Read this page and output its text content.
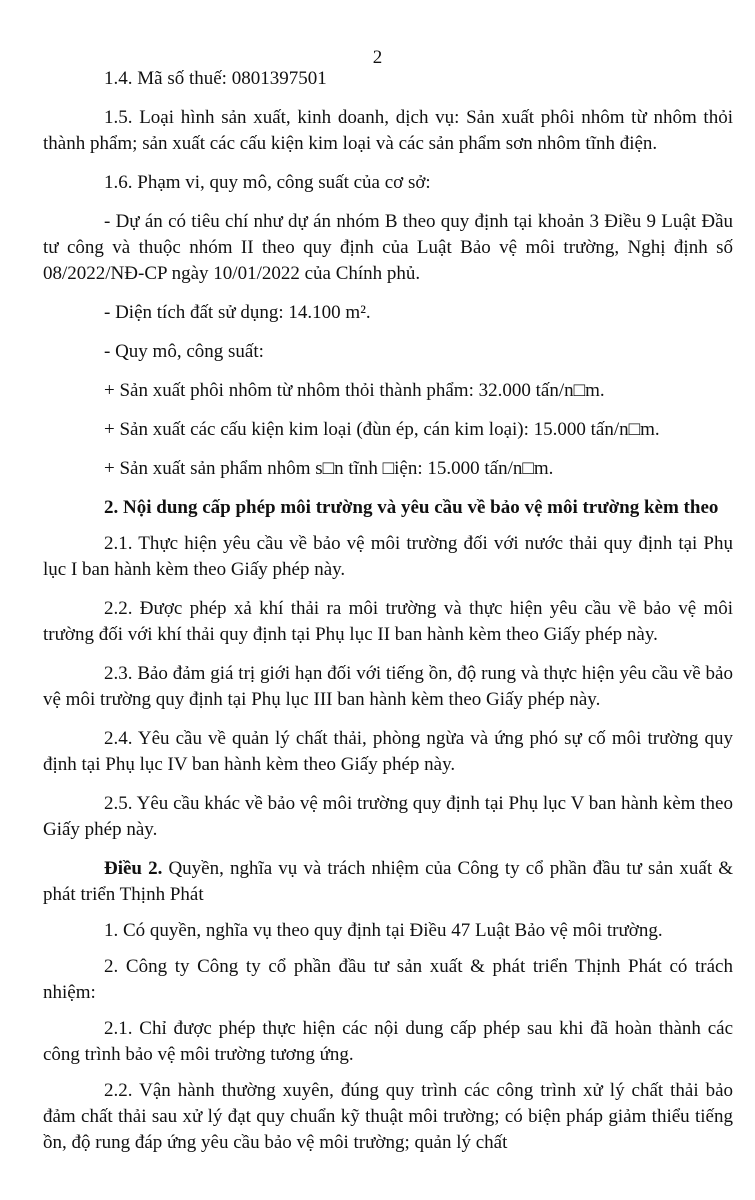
2

1.4. Mã số thuế: 0801397501

1.5. Loại hình sản xuất, kinh doanh, dịch vụ: Sản xuất phôi nhôm từ nhôm thỏi thành phẩm; sản xuất các cấu kiện kim loại và các sản phẩm sơn nhôm tĩnh điện.

1.6. Phạm vi, quy mô, công suất của cơ sở:

- Dự án có tiêu chí như dự án nhóm B theo quy định tại khoản 3 Điều 9 Luật Đầu tư công và thuộc nhóm II theo quy định của Luật Bảo vệ môi trường, Nghị định số 08/2022/NĐ-CP ngày 10/01/2022 của Chính phủ.

- Diện tích đất sử dụng: 14.100 m².

- Quy mô, công suất:

+ Sản xuất phôi nhôm từ nhôm thỏi thành phẩm: 32.000 tấn/n□m.

+ Sản xuất các cấu kiện kim loại (đùn ép, cán kim loại): 15.000 tấn/n□m.

+ Sản xuất sản phẩm nhôm s□n tĩnh □iện: 15.000 tấn/n□m.

2. Nội dung cấp phép môi trường và yêu cầu về bảo vệ môi trường kèm theo

2.1. Thực hiện yêu cầu về bảo vệ môi trường đối với nước thải quy định tại Phụ lục I ban hành kèm theo Giấy phép này.

2.2. Được phép xả khí thải ra môi trường và thực hiện yêu cầu về bảo vệ môi trường đối với khí thải quy định tại Phụ lục II ban hành kèm theo Giấy phép này.

2.3. Bảo đảm giá trị giới hạn đối với tiếng ồn, độ rung và thực hiện yêu cầu về bảo vệ môi trường quy định tại Phụ lục III ban hành kèm theo Giấy phép này.

2.4. Yêu cầu về quản lý chất thải, phòng ngừa và ứng phó sự cố môi trường quy định tại Phụ lục IV ban hành kèm theo Giấy phép này.

2.5. Yêu cầu khác về bảo vệ môi trường quy định tại Phụ lục V ban hành kèm theo Giấy phép này.

Điều 2. Quyền, nghĩa vụ và trách nhiệm của Công ty cổ phần đầu tư sản xuất & phát triển Thịnh Phát

1. Có quyền, nghĩa vụ theo quy định tại Điều 47 Luật Bảo vệ môi trường.

2. Công ty Công ty cổ phần đầu tư sản xuất & phát triển Thịnh Phát có trách nhiệm:

2.1. Chỉ được phép thực hiện các nội dung cấp phép sau khi đã hoàn thành các công trình bảo vệ môi trường tương ứng.

2.2. Vận hành thường xuyên, đúng quy trình các công trình xử lý chất thải bảo đảm chất thải sau xử lý đạt quy chuẩn kỹ thuật môi trường; có biện pháp giảm thiểu tiếng ồn, độ rung đáp ứng yêu cầu bảo vệ môi trường; quản lý chất
